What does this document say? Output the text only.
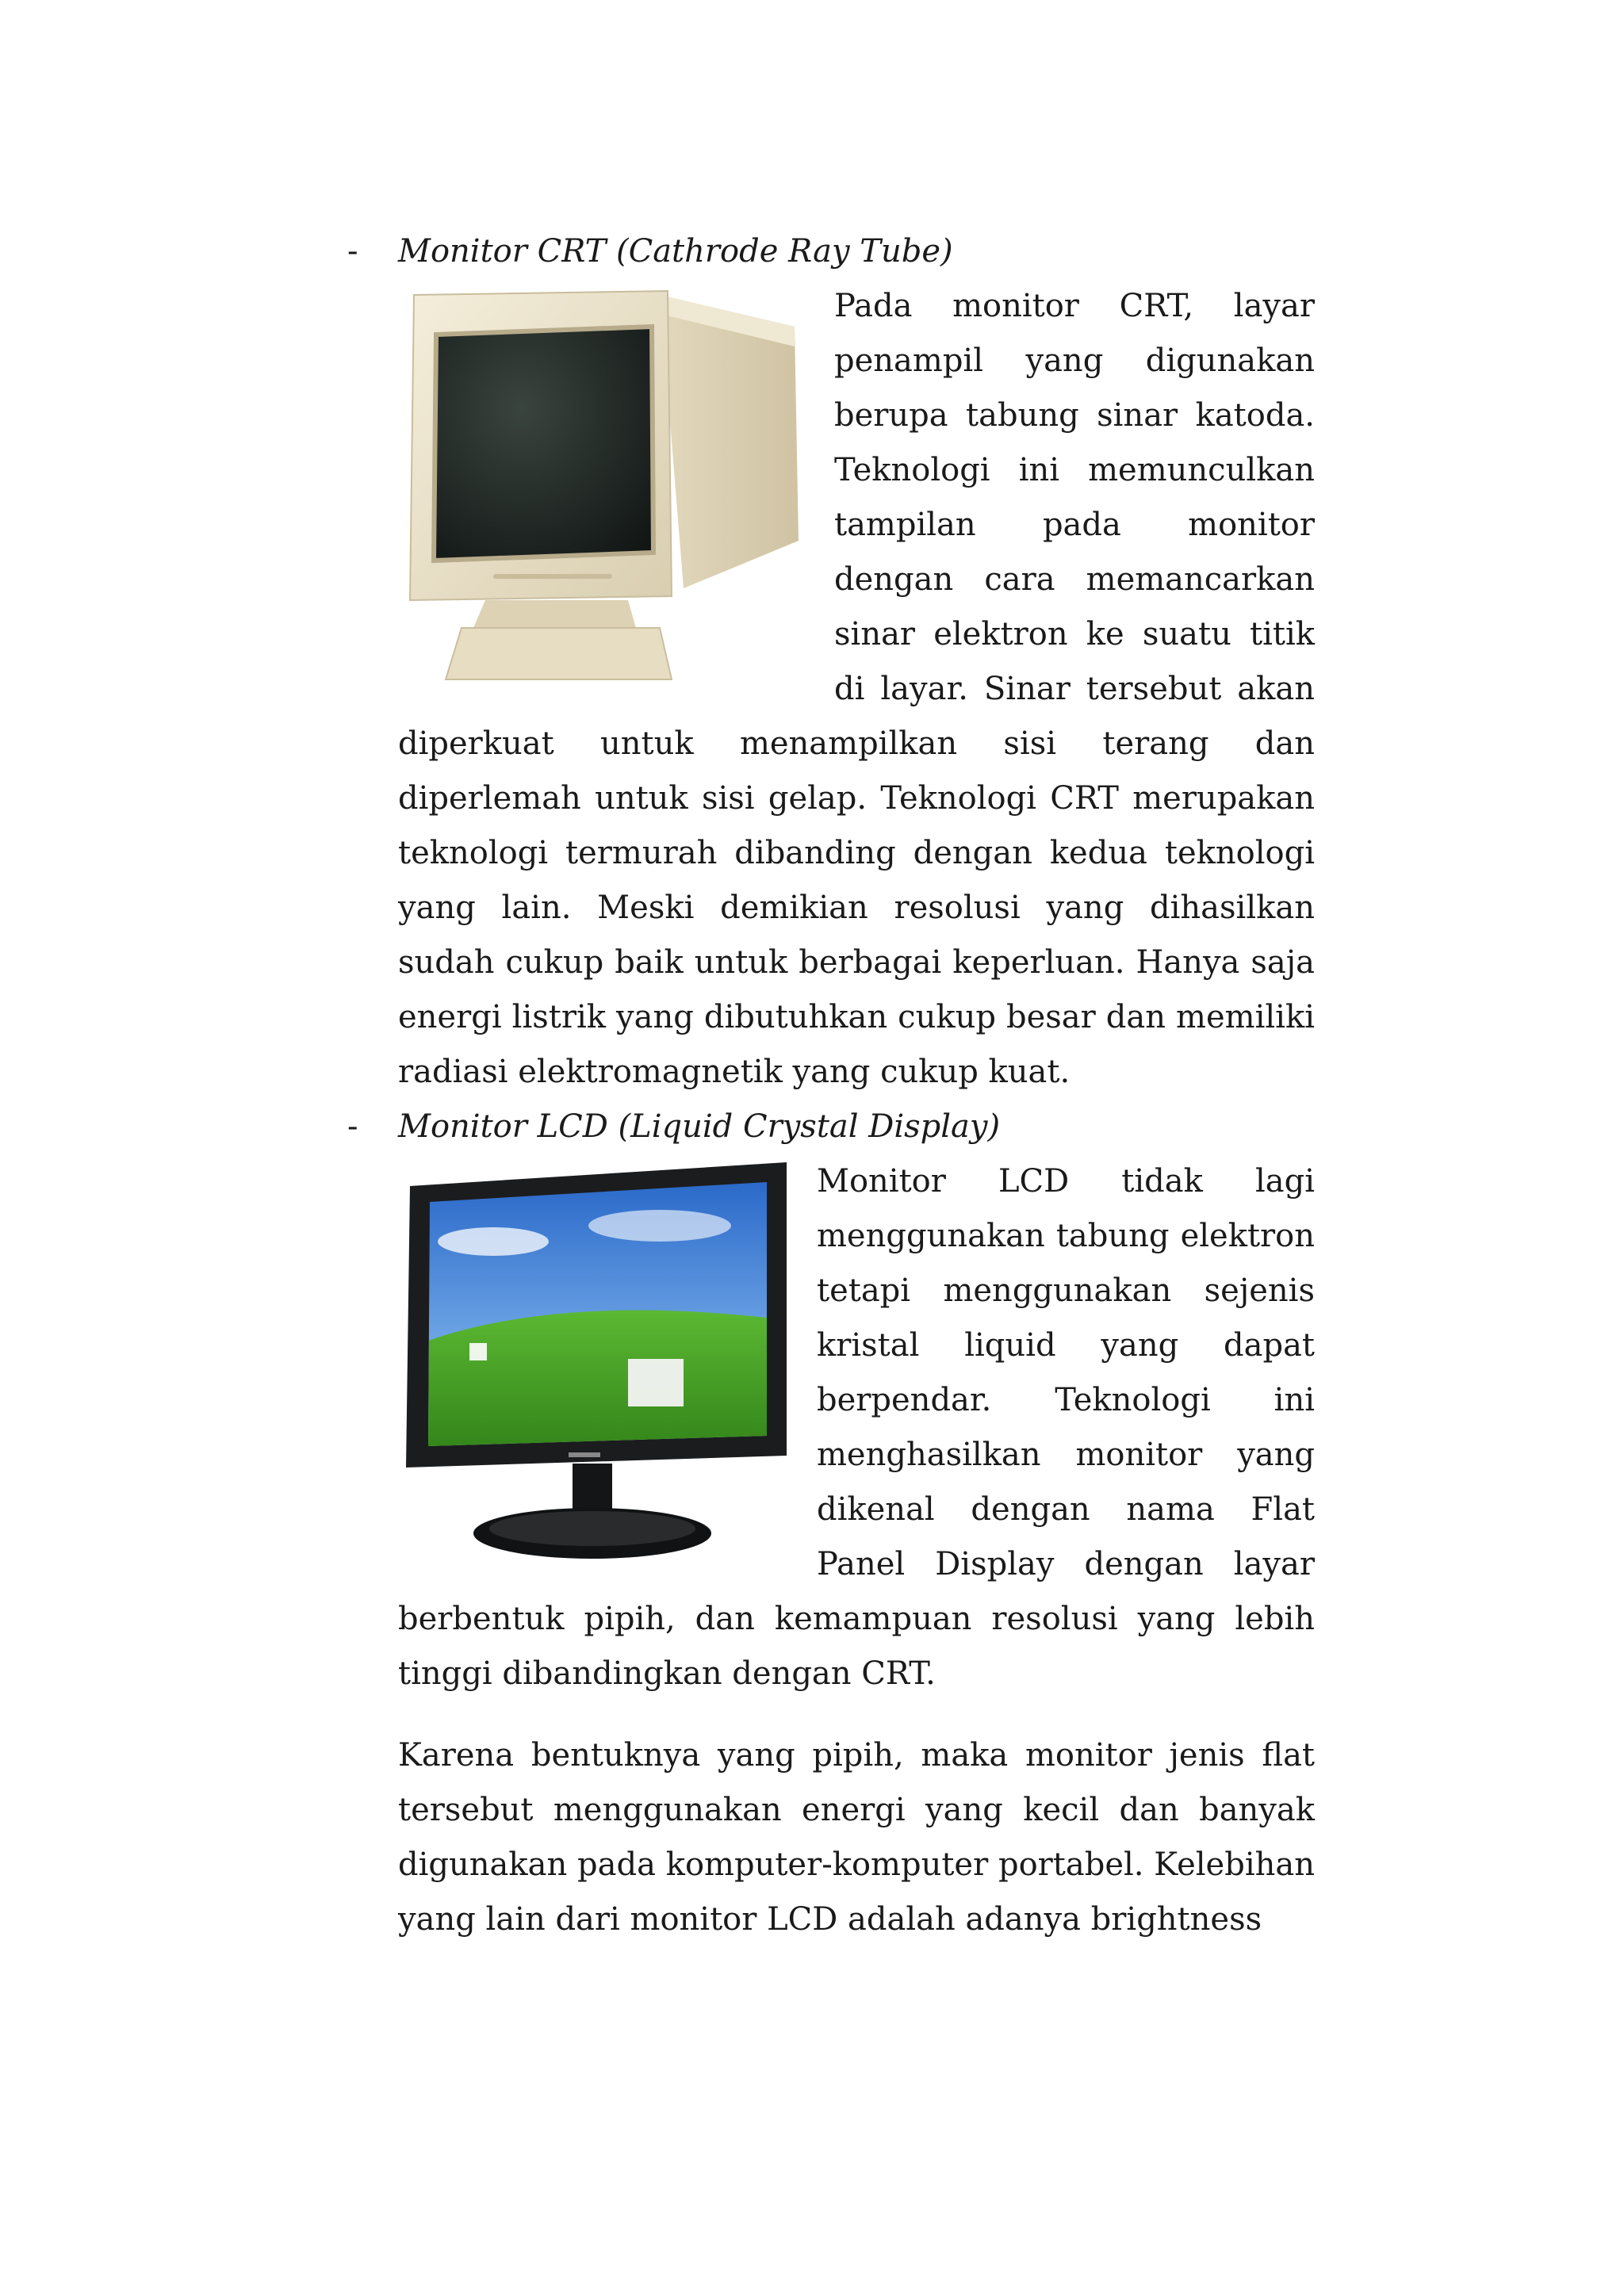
- Monitor CRT (Cathrode Ray Tube)

Pada monitor CRT, layar penampil yang digunakan berupa tabung sinar katoda. Teknologi ini memunculkan tampilan pada monitor dengan cara memancarkan sinar elektron ke suatu titik di layar. Sinar tersebut akan diperkuat untuk menampilkan sisi terang dan diperlemah untuk sisi gelap. Teknologi CRT merupakan teknologi termurah dibanding dengan kedua teknologi yang lain. Meski demikian resolusi yang dihasilkan sudah cukup baik untuk berbagai keperluan. Hanya saja energi listrik yang dibutuhkan cukup besar dan memiliki radiasi elektromagnetik yang cukup kuat.

- Monitor LCD (Liquid Crystal Display)

Monitor LCD tidak lagi menggunakan tabung elektron tetapi menggunakan sejenis kristal liquid yang dapat berpendar. Teknologi ini menghasilkan monitor yang dikenal dengan nama Flat Panel Display dengan layar berbentuk pipih, dan kemampuan resolusi yang lebih tinggi dibandingkan dengan CRT.

Karena bentuknya yang pipih, maka monitor jenis flat tersebut menggunakan energi yang kecil dan banyak digunakan pada komputer-komputer portabel. Kelebihan yang lain dari monitor LCD adalah adanya brightness
